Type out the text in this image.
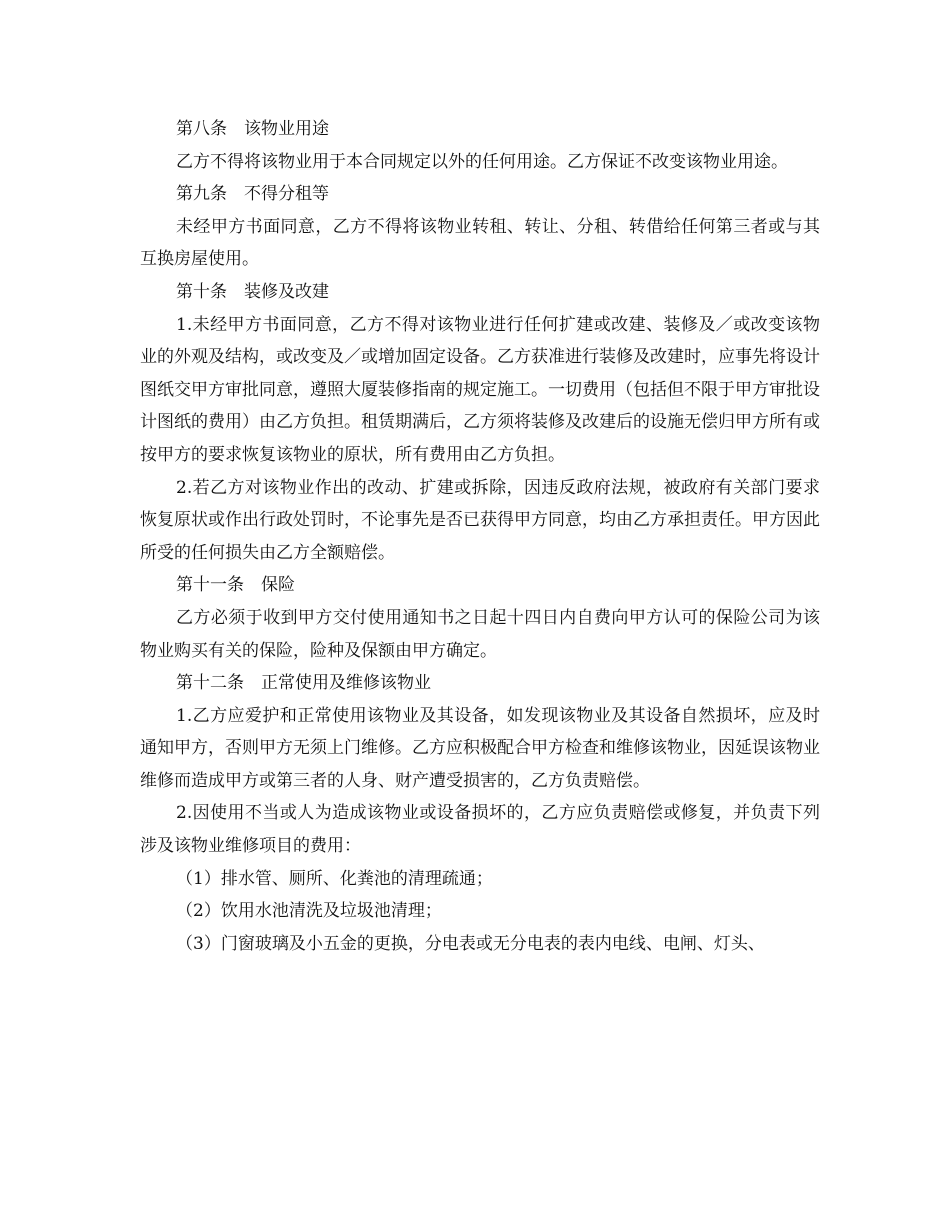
第八条　该物业用途

乙方不得将该物业用于本合同规定以外的任何用途。乙方保证不改变该物业用途。

第九条　不得分租等

未经甲方书面同意，乙方不得将该物业转租、转让、分租、转借给任何第三者或与其互换房屋使用。

第十条　装修及改建

1.未经甲方书面同意，乙方不得对该物业进行任何扩建或改建、装修及／或改变该物业的外观及结构，或改变及／或增加固定设备。乙方获准进行装修及改建时，应事先将设计图纸交甲方审批同意，遵照大厦装修指南的规定施工。一切费用（包括但不限于甲方审批设计图纸的费用）由乙方负担。租赁期满后，乙方须将装修及改建后的设施无偿归甲方所有或按甲方的要求恢复该物业的原状，所有费用由乙方负担。

2.若乙方对该物业作出的改动、扩建或拆除，因违反政府法规，被政府有关部门要求恢复原状或作出行政处罚时，不论事先是否已获得甲方同意，均由乙方承担责任。甲方因此所受的任何损失由乙方全额赔偿。

第十一条　保险

乙方必须于收到甲方交付使用通知书之日起十四日内自费向甲方认可的保险公司为该物业购买有关的保险，险种及保额由甲方确定。

第十二条　正常使用及维修该物业

1.乙方应爱护和正常使用该物业及其设备，如发现该物业及其设备自然损坏，应及时通知甲方，否则甲方无须上门维修。乙方应积极配合甲方检查和维修该物业，因延误该物业维修而造成甲方或第三者的人身、财产遭受损害的，乙方负责赔偿。

2.因使用不当或人为造成该物业或设备损坏的，乙方应负责赔偿或修复，并负责下列涉及该物业维修项目的费用：

（1）排水管、厕所、化粪池的清理疏通；

（2）饮用水池清洗及垃圾池清理；

（3）门窗玻璃及小五金的更换，分电表或无分电表的表内电线、电闸、灯头、
